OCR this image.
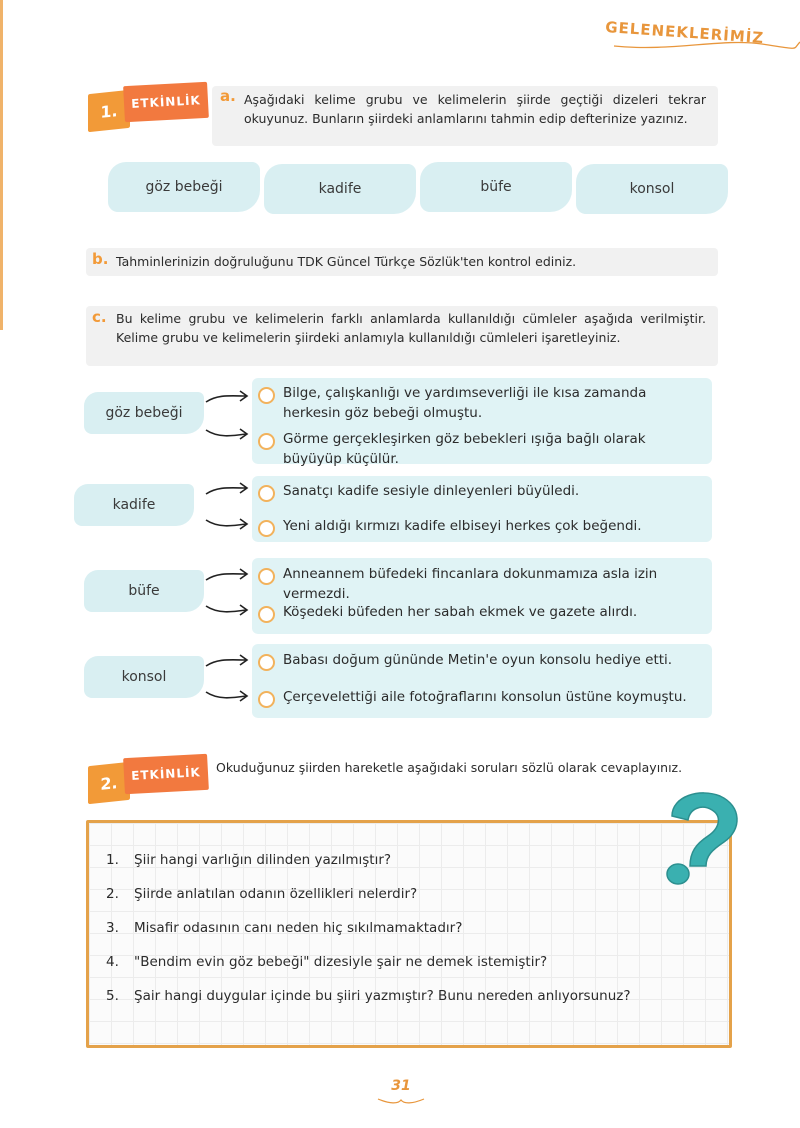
GELENEKLERİMİZ
1.	ETKİNLİK	a. Aşağıdaki kelime grubu ve kelimelerin şiirde geçtiği dizeleri tekrar okuyunuz. Bunların şiirdeki anlamlarını tahmin edip defterinize yazınız.
göz bebeği	kadife	büfe	konsol
b. Tahminlerinizin doğruluğunu TDK Güncel Türkçe Sözlük'ten kontrol ediniz.
c. Bu kelime grubu ve kelimelerin farklı anlamlarda kullanıldığı cümleler aşağıda verilmiştir. Kelime grubu ve kelimelerin şiirdeki anlamıyla kullanıldığı cümleleri işaretleyiniz.
göz bebeği
Bilge, çalışkanlığı ve yardımseverliği ile kısa zamanda herkesin göz bebeği olmuştu.
Görme gerçekleşirken göz bebekleri ışığa bağlı olarak büyüyüp küçülür.
kadife
Sanatçı kadife sesiyle dinleyenleri büyüledi.
Yeni aldığı kırmızı kadife elbiseyi herkes çok beğendi.
büfe
Anneannem büfedeki fincanlara dokunmamıza asla izin vermezdi.
Köşedeki büfeden her sabah ekmek ve gazete alırdı.
konsol
Babası doğum gününde Metin'e oyun konsolu hediye etti.
Çerçevelettiği aile fotoğraflarını konsolun üstüne koymuştu.
2.	ETKİNLİK	Okuduğunuz şiirden hareketle aşağıdaki soruları sözlü olarak cevaplayınız.
1.	Şiir hangi varlığın dilinden yazılmıştır?
2.	Şiirde anlatılan odanın özellikleri nelerdir?
3.	Misafir odasının canı neden hiç sıkılmamaktadır?
4.	"Bendim evin göz bebeği" dizesiyle şair ne demek istemiştir?
5.	Şair hangi duygular içinde bu şiiri yazmıştır? Bunu nereden anlıyorsunuz?
31
